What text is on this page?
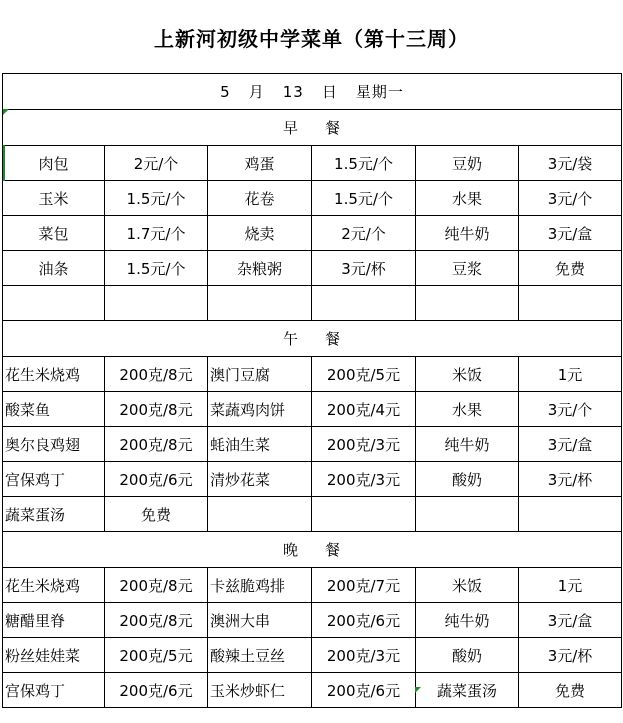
上新河初级中学菜单（第十三周）
5 月 13 日 星期一					
早 餐					
肉包	2元/个	鸡蛋	1.5元/个	豆奶	3元/袋
玉米	1.5元/个	花卷	1.5元/个	水果	3元/个
菜包	1.7元/个	烧卖	2元/个	纯牛奶	3元/盒
油条	1.5元/个	杂粮粥	3元/杯	豆浆	免费

午 餐					
花生米烧鸡	200克/8元	澳门豆腐	200克/5元	米饭	1元
酸菜鱼	200克/8元	菜蔬鸡肉饼	200克/4元	水果	3元/个
奥尔良鸡翅	200克/8元	蚝油生菜	200克/3元	纯牛奶	3元/盒
宫保鸡丁	200克/6元	清炒花菜	200克/3元	酸奶	3元/杯
蔬菜蛋汤	免费				
晚 餐					
花生米烧鸡	200克/8元	卡兹脆鸡排	200克/7元	米饭	1元
糖醋里脊	200克/8元	澳洲大串	200克/6元	纯牛奶	3元/盒
粉丝娃娃菜	200克/5元	酸辣土豆丝	200克/3元	酸奶	3元/杯
宫保鸡丁	200克/6元	玉米炒虾仁	200克/6元	蔬菜蛋汤	免费
